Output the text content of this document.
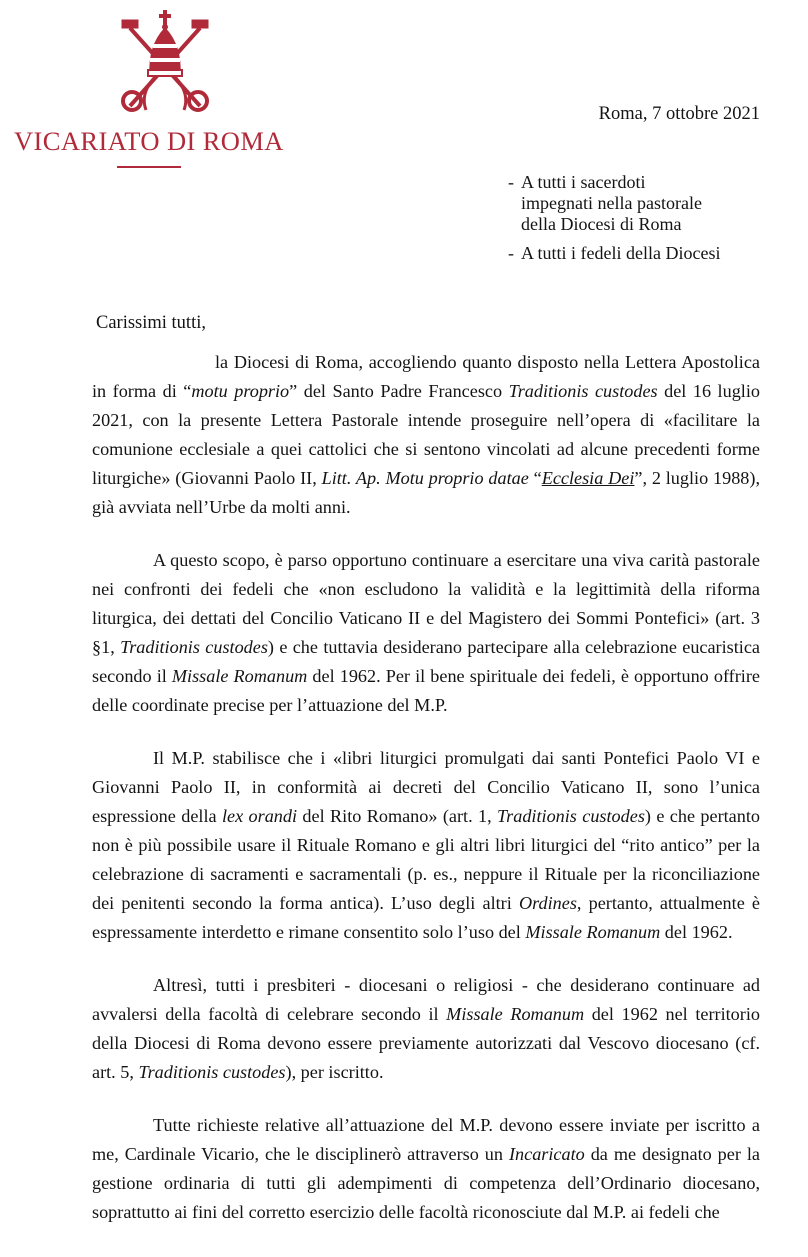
VICARIATO DI ROMA
Roma, 7 ottobre 2021
- A tutti i sacerdoti
impegnati nella pastorale
della Diocesi di Roma
- A tutti i fedeli della Diocesi
Carissimi tutti,

la Diocesi di Roma, accogliendo quanto disposto nella Lettera Apostolica in forma di “motu proprio” del Santo Padre Francesco Traditionis custodes del 16 luglio 2021, con la presente Lettera Pastorale intende proseguire nell’opera di «facilitare la comunione ecclesiale a quei cattolici che si sentono vincolati ad alcune precedenti forme liturgiche» (Giovanni Paolo II, Litt. Ap. Motu proprio datae “Ecclesia Dei”, 2 luglio 1988), già avviata nell’Urbe da molti anni.

A questo scopo, è parso opportuno continuare a esercitare una viva carità pastorale nei confronti dei fedeli che «non escludono la validità e la legittimità della riforma liturgica, dei dettati del Concilio Vaticano II e del Magistero dei Sommi Pontefici» (art. 3 §1, Traditionis custodes) e che tuttavia desiderano partecipare alla celebrazione eucaristica secondo il Missale Romanum del 1962. Per il bene spirituale dei fedeli, è opportuno offrire delle coordinate precise per l’attuazione del M.P.

Il M.P. stabilisce che i «libri liturgici promulgati dai santi Pontefici Paolo VI e Giovanni Paolo II, in conformità ai decreti del Concilio Vaticano II, sono l’unica espressione della lex orandi del Rito Romano» (art. 1, Traditionis custodes) e che pertanto non è più possibile usare il Rituale Romano e gli altri libri liturgici del “rito antico” per la celebrazione di sacramenti e sacramentali (p. es., neppure il Rituale per la riconciliazione dei penitenti secondo la forma antica). L’uso degli altri Ordines, pertanto, attualmente è espressamente interdetto e rimane consentito solo l’uso del Missale Romanum del 1962.

Altresì, tutti i presbiteri - diocesani o religiosi - che desiderano continuare ad avvalersi della facoltà di celebrare secondo il Missale Romanum del 1962 nel territorio della Diocesi di Roma devono essere previamente autorizzati dal Vescovo diocesano (cf. art. 5, Traditionis custodes), per iscritto.

Tutte richieste relative all’attuazione del M.P. devono essere inviate per iscritto a me, Cardinale Vicario, che le disciplinerò attraverso un Incaricato da me designato per la gestione ordinaria di tutti gli adempimenti di competenza dell’Ordinario diocesano, soprattutto ai fini del corretto esercizio delle facoltà riconosciute dal M.P. ai fedeli che
